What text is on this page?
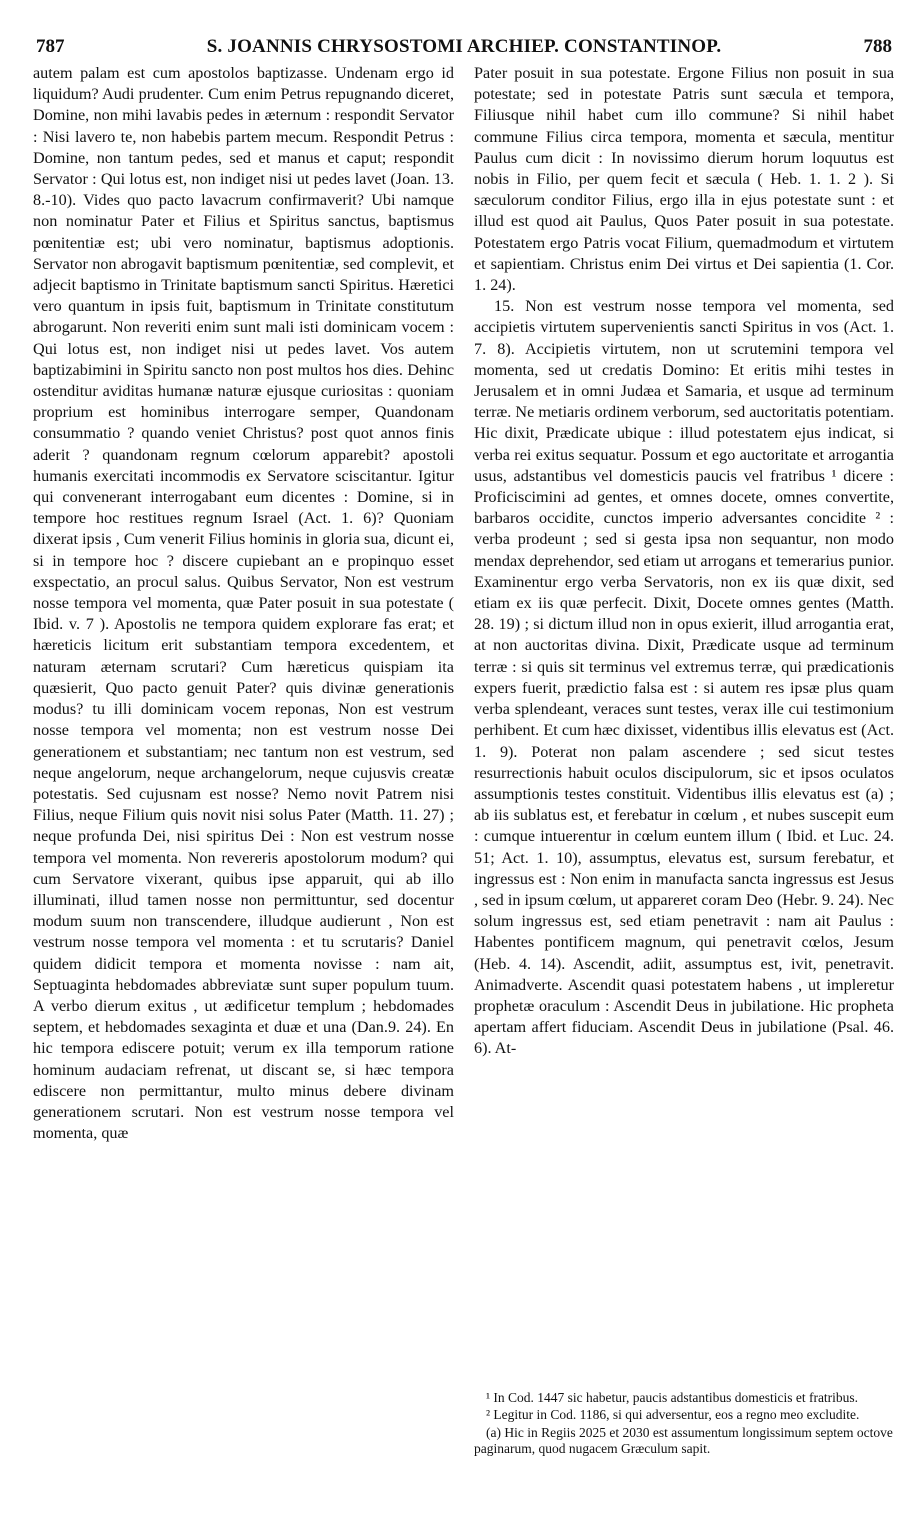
787	S. JOANNIS CHRYSOSTOMI ARCHIEP. CONSTANTINOP.	788

autem palam est cum apostolos baptizasse. Undenam ergo id liquidum? Audi prudenter. Cum enim Petrus repugnando diceret, Domine, non mihi lavabis pedes in æternum : respondit Servator : Nisi lavero te, non habebis partem mecum. Respondit Petrus : Domine, non tantum pedes, sed et manus et caput; respondit Servator : Qui lotus est, non indiget nisi ut pedes lavet (Joan. 13. 8.-10). Vides quo pacto lavacrum confirmaverit? Ubi namque non nominatur Pater et Filius et Spiritus sanctus, baptismus pœnitentiæ est; ubi vero nominatur, baptismus adoptionis. Servator non abrogavit baptismum pœnitentiæ, sed complevit, et adjecit baptismo in Trinitate baptismum sancti Spiritus. Hæretici vero quantum in ipsis fuit, baptismum in Trinitate constitutum abrogarunt. Non reveriti enim sunt mali isti dominicam vocem : Qui lotus est, non indiget nisi ut pedes lavet. Vos autem baptizabimini in Spiritu sancto non post multos hos dies. Dehinc ostenditur aviditas humanæ naturæ ejusque curiositas : quoniam proprium est hominibus interrogare semper, Quandonam consummatio ? quando veniet Christus? post quot annos finis aderit ? quandonam regnum cœlorum apparebit? apostoli humanis exercitati incommodis ex Servatore sciscitantur. Igitur qui convenerant interrogabant eum dicentes : Domine, si in tempore hoc restitues regnum Israel (Act. 1. 6)? Quoniam dixerat ipsis , Cum venerit Filius hominis in gloria sua, dicunt ei, si in tempore hoc ? discere cupiebant an e propinquo esset exspectatio, an procul salus. Quibus Servator, Non est vestrum nosse tempora vel momenta, quæ Pater posuit in sua potestate ( Ibid. v. 7 ). Apostolis ne tempora quidem explorare fas erat; et hæreticis licitum erit substantiam tempora excedentem, et naturam æternam scrutari? Cum hæreticus quispiam ita quæsierit, Quo pacto genuit Pater? quis divinæ generationis modus? tu illi dominicam vocem reponas, Non est vestrum nosse tempora vel momenta; non est vestrum nosse Dei generationem et substantiam; nec tantum non est vestrum, sed neque angelorum, neque archangelorum, neque cujusvis creatæ potestatis. Sed cujusnam est nosse? Nemo novit Patrem nisi Filius, neque Filium quis novit nisi solus Pater (Matth. 11. 27) ; neque profunda Dei, nisi spiritus Dei : Non est vestrum nosse tempora vel momenta. Non revereris apostolorum modum? qui cum Servatore vixerant, quibus ipse apparuit, qui ab illo illuminati, illud tamen nosse non permittuntur, sed docentur modum suum non transcendere, illudque audierunt , Non est vestrum nosse tempora vel momenta : et tu scrutaris? Daniel quidem didicit tempora et momenta novisse : nam ait, Septuaginta hebdomades abbreviatæ sunt super populum tuum. A verbo dierum exitus , ut ædificetur templum ; hebdomades septem, et hebdomades sexaginta et duæ et una (Dan.9. 24). En hic tempora ediscere potuit; verum ex illa temporum ratione hominum audaciam refrenat, ut discant se, si hæc tempora ediscere non permittantur, multo minus debere divinam generationem scrutari. Non est vestrum nosse tempora vel momenta, quæ

Pater posuit in sua potestate. Ergone Filius non posuit in sua potestate; sed in potestate Patris sunt sæcula et tempora, Filiusque nihil habet cum illo commune? Si nihil habet commune Filius circa tempora, momenta et sæcula, mentitur Paulus cum dicit : In novissimo dierum horum loquutus est nobis in Filio, per quem fecit et sæcula ( Heb. 1. 1. 2 ). Si sæculorum conditor Filius, ergo illa in ejus potestate sunt : et illud est quod ait Paulus, Quos Pater posuit in sua potestate. Potestatem ergo Patris vocat Filium, quemadmodum et virtutem et sapientiam. Christus enim Dei virtus et Dei sapientia (1. Cor. 1. 24).

15. Non est vestrum nosse tempora vel momenta, sed accipietis virtutem supervenientis sancti Spiritus in vos (Act. 1. 7. 8). Accipietis virtutem, non ut scrutemini tempora vel momenta, sed ut credatis Domino: Et eritis mihi testes in Jerusalem et in omni Judæa et Samaria, et usque ad terminum terræ. Ne metiaris ordinem verborum, sed auctoritatis potentiam. Hic dixit, Prædicate ubique : illud potestatem ejus indicat, si verba rei exitus sequatur. Possum et ego auctoritate et arrogantia usus, adstantibus vel domesticis paucis vel fratribus ¹ dicere : Proficiscimini ad gentes, et omnes docete, omnes convertite, barbaros occidite, cunctos imperio adversantes concidite ² : verba prodeunt ; sed si gesta ipsa non sequantur, non modo mendax deprehendor, sed etiam ut arrogans et temerarius punior. Examinentur ergo verba Servatoris, non ex iis quæ dixit, sed etiam ex iis quæ perfecit. Dixit, Docete omnes gentes (Matth. 28. 19) ; si dictum illud non in opus exierit, illud arrogantia erat, at non auctoritas divina. Dixit, Prædicate usque ad terminum terræ : si quis sit terminus vel extremus terræ, qui prædicationis expers fuerit, prædictio falsa est : si autem res ipsæ plus quam verba splendeant, veraces sunt testes, verax ille cui testimonium perhibent. Et cum hæc dixisset, videntibus illis elevatus est (Act. 1. 9). Poterat non palam ascendere ; sed sicut testes resurrectionis habuit oculos discipulorum, sic et ipsos oculatos assumptionis testes constituit. Videntibus illis elevatus est (a) ; ab iis sublatus est, et ferebatur in cœlum , et nubes suscepit eum : cumque intuerentur in cœlum euntem illum ( Ibid. et Luc. 24. 51; Act. 1. 10), assumptus, elevatus est, sursum ferebatur, et ingressus est : Non enim in manufacta sancta ingressus est Jesus , sed in ipsum cœlum, ut appareret coram Deo (Hebr. 9. 24). Nec solum ingressus est, sed etiam penetravit : nam ait Paulus : Habentes pontificem magnum, qui penetravit cœlos, Jesum (Heb. 4. 14). Ascendit, adiit, assumptus est, ivit, penetravit. Animadverte. Ascendit quasi potestatem habens , ut impleretur prophetæ oraculum : Ascendit Deus in jubilatione. Hic propheta apertam affert fiduciam. Ascendit Deus in jubilatione (Psal. 46. 6). At-

¹ In Cod. 1447 sic habetur, paucis adstantibus domesticis et fratribus.

² Legitur in Cod. 1186, si qui adversentur, eos a regno meo excludite.

(a) Hic in Regiis 2025 et 2030 est assumentum longissimum septem octove paginarum, quod nugacem Græculum sapit.
